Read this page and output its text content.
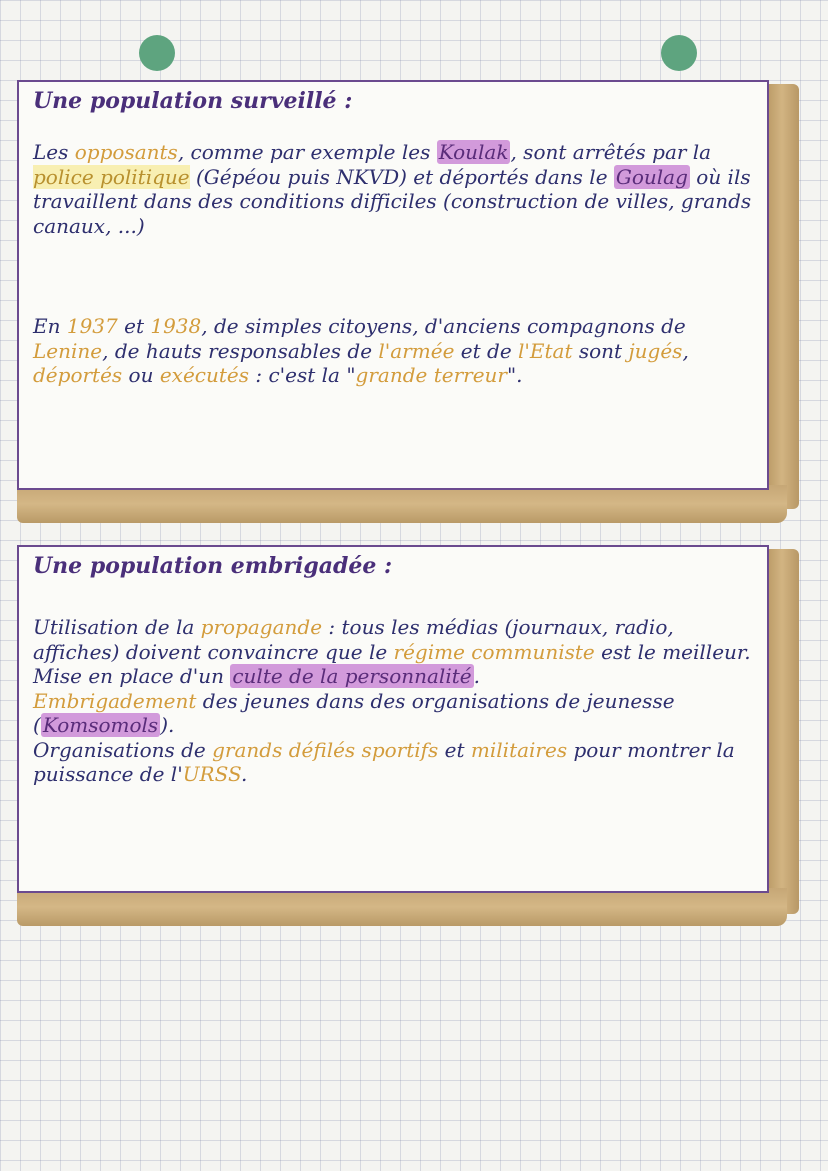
Une population surveillé :

Les opposants, comme par exemple les Koulak , sont arrêtés par la police politique (Gépéou puis NKVD) et déportés dans le Goulag où ils travaillent dans des conditions difficiles (construction de villes, grands canaux, ...)

En 1937 et 1938, de simples citoyens, d'anciens compagnons de Lenine, de hauts responsables de l'armée et de l'Etat sont jugés, déportés ou exécutés : c'est la "grande terreur".

Une population embrigadée :

Utilisation de la propagande : tous les médias (journaux, radio, affiches) doivent convaincre que le régime communiste est le meilleur. Mise en place d'un culte de la personnalité .
Embrigadement des jeunes dans des organisations de jeunesse ( Komsomols ).
Organisations de grands défilés sportifs et militaires pour montrer la puissance de l'URSS.
